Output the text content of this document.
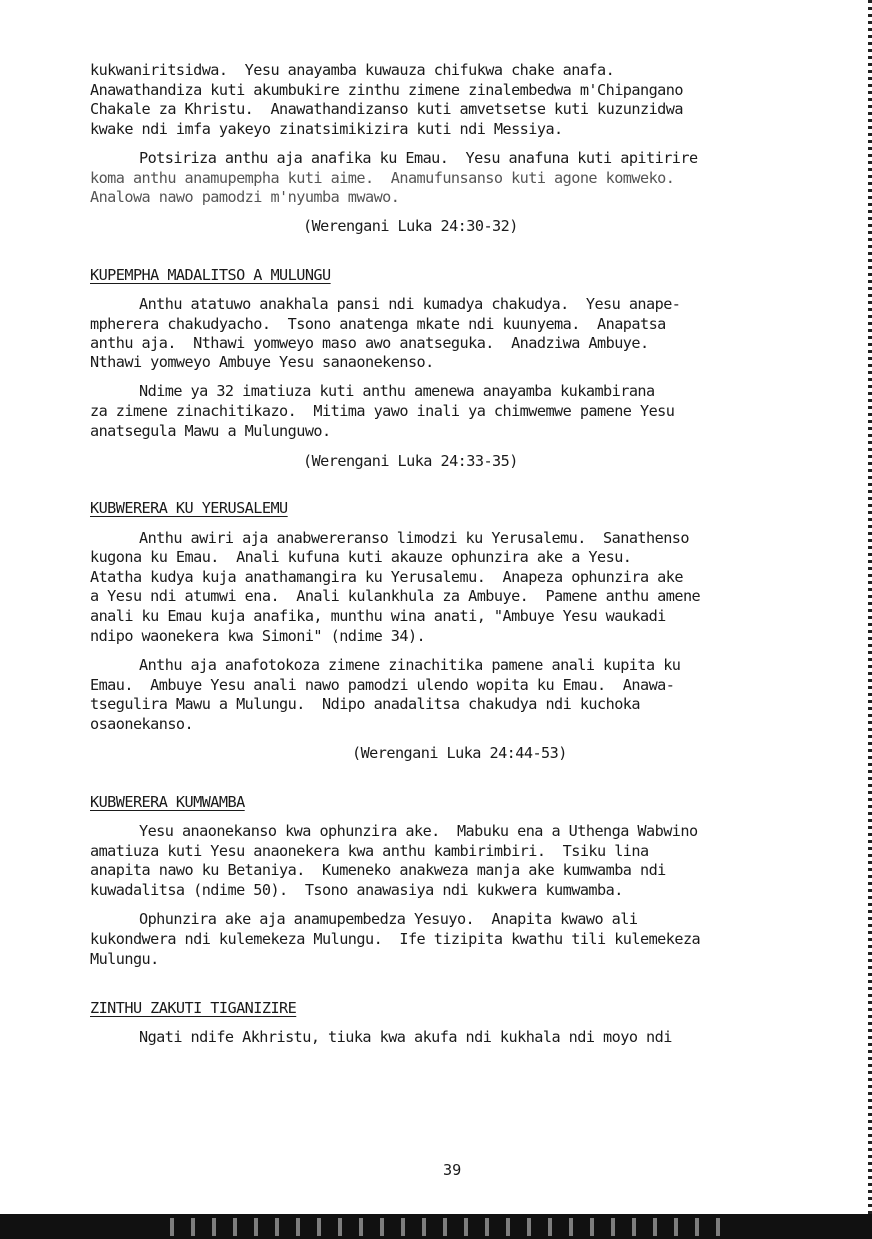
kukwaniritsidwa.  Yesu anayamba kuwauza chifukwa chake anafa.
Anawathandiza kuti akumbukire zinthu zimene zinalembedwa m'Chipangano
Chakale za Khristu.  Anawathandizanso kuti amvetsetse kuti kuzunzidwa
kwake ndi imfa yakeyo zinatsimikizira kuti ndi Messiya.
Potsiriza anthu aja anafika ku Emau.  Yesu anafuna kuti apitirire
koma anthu anamupempha kuti aime.  Anamufunsanso kuti agone komweko.
Analowa nawo pamodzi m'nyumba mwawo.
(Werengani Luka 24:30-32)
KUPEMPHA MADALITSO A MULUNGU
Anthu atatuwo anakhala pansi ndi kumadya chakudya.  Yesu anape-
mpherera chakudyacho.  Tsono anatenga mkate ndi kuunyema.  Anapatsa
anthu aja.  Nthawi yomweyo maso awo anatseguka.  Anadziwa Ambuye.
Nthawi yomweyo Ambuye Yesu sanaonekenso.
Ndime ya 32 imatiuza kuti anthu amenewa anayamba kukambirana
za zimene zinachitikazo.  Mitima yawo inali ya chimwemwe pamene Yesu
anatsegula Mawu a Mulunguwo.
(Werengani Luka 24:33-35)
KUBWERERA KU YERUSALEMU
Anthu awiri aja anabwereranso limodzi ku Yerusalemu.  Sanathenso
kugona ku Emau.  Anali kufuna kuti akauze ophunzira ake a Yesu.
Atatha kudya kuja anathamangira ku Yerusalemu.  Anapeza ophunzira ake
a Yesu ndi atumwi ena.  Anali kulankhula za Ambuye.  Pamene anthu amene
anali ku Emau kuja anafika, munthu wina anati, "Ambuye Yesu waukadi
ndipo waonekera kwa Simoni" (ndime 34).
Anthu aja anafotokoza zimene zinachitika pamene anali kupita ku
Emau.  Ambuye Yesu anali nawo pamodzi ulendo wopita ku Emau.  Anawa-
tsegulira Mawu a Mulungu.  Ndipo anadalitsa chakudya ndi kuchoka
osaonekanso.
(Werengani Luka 24:44-53)
KUBWERERA KUMWAMBA
Yesu anaonekanso kwa ophunzira ake.  Mabuku ena a Uthenga Wabwino
amatiuza kuti Yesu anaonekera kwa anthu kambirimbiri.  Tsiku lina
anapita nawo ku Betaniya.  Kumeneko anakweza manja ake kumwamba ndi
kuwadalitsa (ndime 50).  Tsono anawasiya ndi kukwera kumwamba.
Ophunzira ake aja anamupembedza Yesuyo.  Anapita kwawo ali
kukondwera ndi kulemekeza Mulungu.  Ife tizipita kwathu tili kulemekeza
Mulungu.
ZINTHU ZAKUTI TIGANIZIRE
Ngati ndife Akhristu, tiuka kwa akufa ndi kukhala ndi moyo ndi
39
